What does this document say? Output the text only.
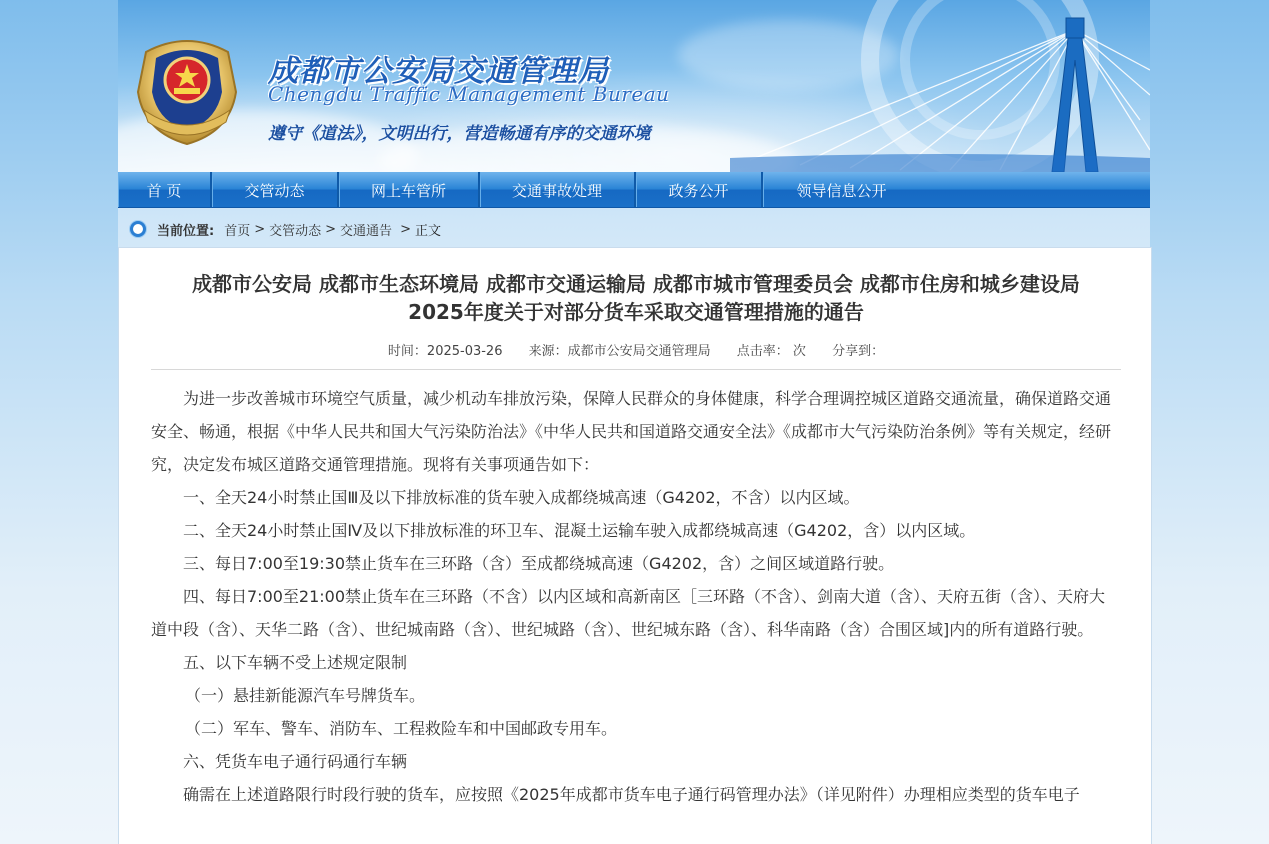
成都市公安局交通管理局
Chengdu Traffic Management Bureau
遵守《道法》，文明出行，营造畅通有序的交通环境
首 页	交管动态	网上车管所	交通事故处理	政务公开	领导信息公开
当前位置: 首页 > 交管动态 > 交通通告 > 正文
成都市公安局 成都市生态环境局 成都市交通运输局 成都市城市管理委员会 成都市住房和城乡建设局
2025年度关于对部分货车采取交通管理措施的通告
时间：2025-03-26 来源：成都市公安局交通管理局 点击率： 次 分享到：

为进一步改善城市环境空气质量，减少机动车排放污染，保障人民群众的身体健康，科学合理调控城区道路交通流量，确保道路交通安全、畅通，根据《中华人民共和国大气污染防治法》《中华人民共和国道路交通安全法》《成都市大气污染防治条例》等有关规定，经研究，决定发布城区道路交通管理措施。现将有关事项通告如下：

一、全天24小时禁止国Ⅲ及以下排放标准的货车驶入成都绕城高速（G4202，不含）以内区域。

二、全天24小时禁止国Ⅳ及以下排放标准的环卫车、混凝土运输车驶入成都绕城高速（G4202，含）以内区域。

三、每日7:00至19:30禁止货车在三环路（含）至成都绕城高速（G4202，含）之间区域道路行驶。

四、每日7:00至21:00禁止货车在三环路（不含）以内区域和高新南区［三环路（不含）、剑南大道（含）、天府五街（含）、天府大道中段（含）、天华二路（含）、世纪城南路（含）、世纪城路（含）、世纪城东路（含）、科华南路（含）合围区域]内的所有道路行驶。

五、以下车辆不受上述规定限制

（一）悬挂新能源汽车号牌货车。

（二）军车、警车、消防车、工程救险车和中国邮政专用车。

六、凭货车电子通行码通行车辆

确需在上述道路限行时段行驶的货车，应按照《2025年成都市货车电子通行码管理办法》（详见附件）办理相应类型的货车电子
